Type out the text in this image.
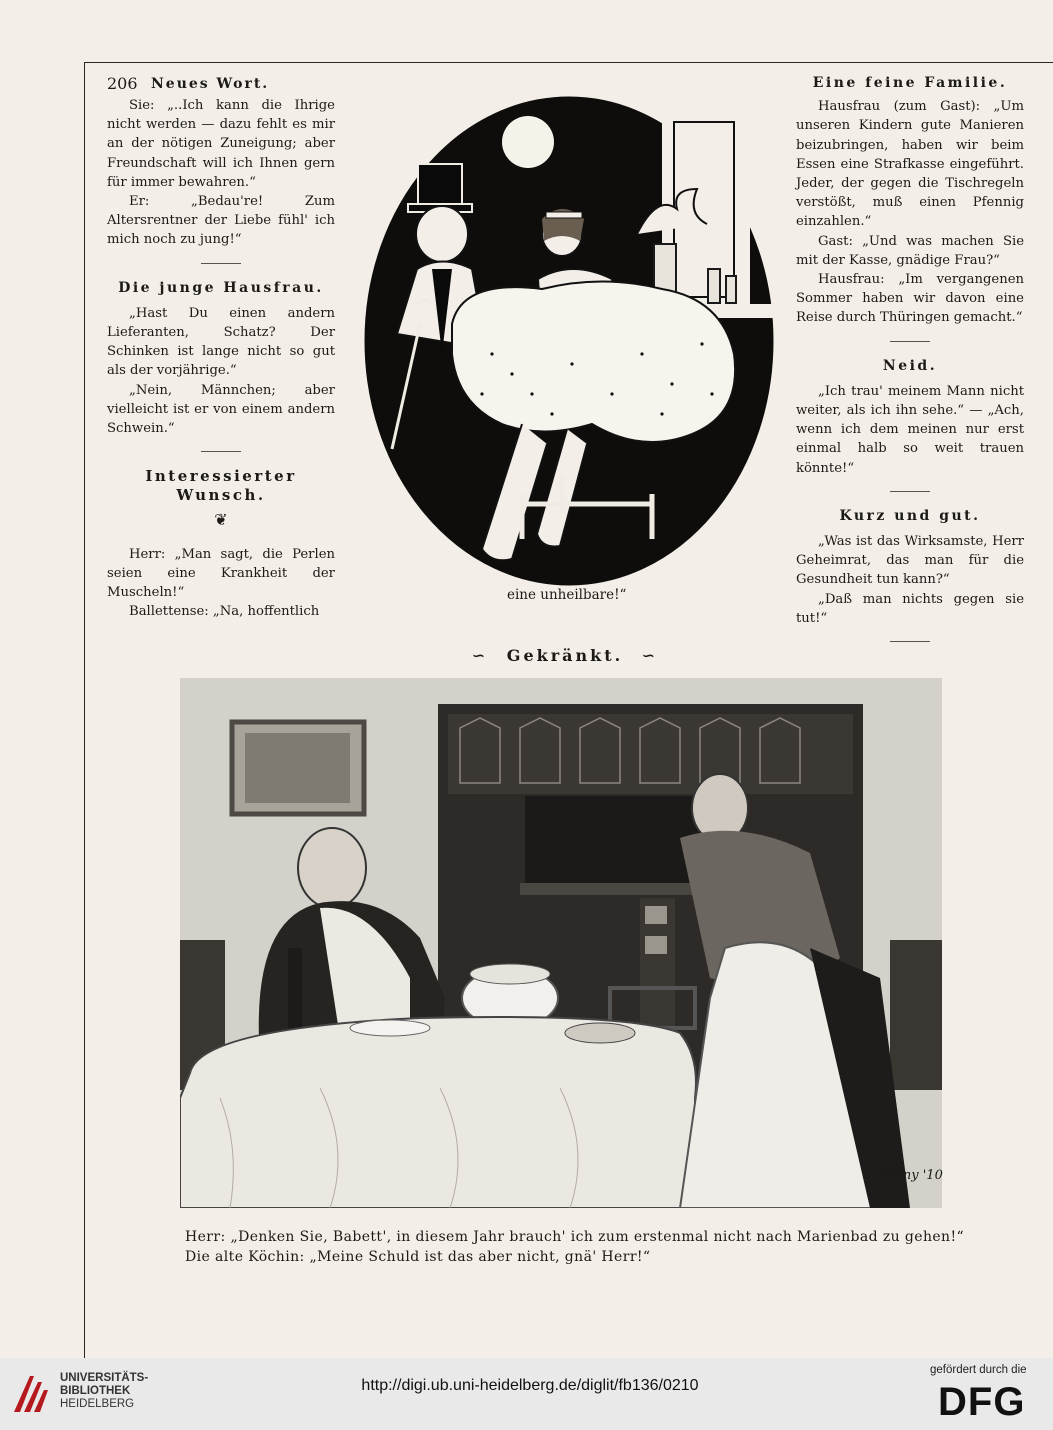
206 Neues Wort.

Sie: „..Ich kann die Ihrige nicht werden — dazu fehlt es mir an der nötigen Zuneigung; aber Freundschaft will ich Ihnen gern für immer bewahren.“

Er: „Bedau're! Zum Altersrentner der Liebe fühl' ich mich noch zu jung!“

Die junge Hausfrau.

„Hast Du einen andern Lieferanten, Schatz? Der Schinken ist lange nicht so gut als der vorjährige.“

„Nein, Männchen; aber vielleicht ist er von einem andern Schwein.“

Interessierter Wunsch.
❦

Herr: „Man sagt, die Perlen seien eine Krankheit der Muscheln!“

Ballettense: „Na, hoffentlich

eine unheilbare!“
Eine feine Familie.

Hausfrau (zum Gast): „Um unseren Kindern gute Manieren beizubringen, haben wir beim Essen eine Strafkasse eingeführt. Jeder, der gegen die Tischregeln verstößt, muß einen Pfennig einzahlen.“

Gast: „Und was machen Sie mit der Kasse, gnädige Frau?“

Hausfrau: „Im vergangenen Sommer haben wir davon eine Reise durch Thüringen gemacht.“

Neid.

„Ich trau' meinem Mann nicht weiter, als ich ihn sehe.“ — „Ach, wenn ich dem meinen nur erst einmal halb so weit trauen könnte!“

Kurz und gut.

„Was ist das Wirksamste, Herr Geheimrat, das man für die Gesundheit tun kann?“

„Daß man nichts gegen sie tut!“

∽ Gekränkt. ∽
Thöny '10
Herr: „Denken Sie, Babett', in diesem Jahr brauch' ich zum erstenmal nicht nach Marienbad zu gehen!“
Die alte Köchin: „Meine Schuld ist das aber nicht, gnä' Herr!“
UNIVERSITÄTS-
BIBLIOTHEK
HEIDELBERG
http://digi.ub.uni-heidelberg.de/diglit/fb136/0210
gefördert durch die
DFG
